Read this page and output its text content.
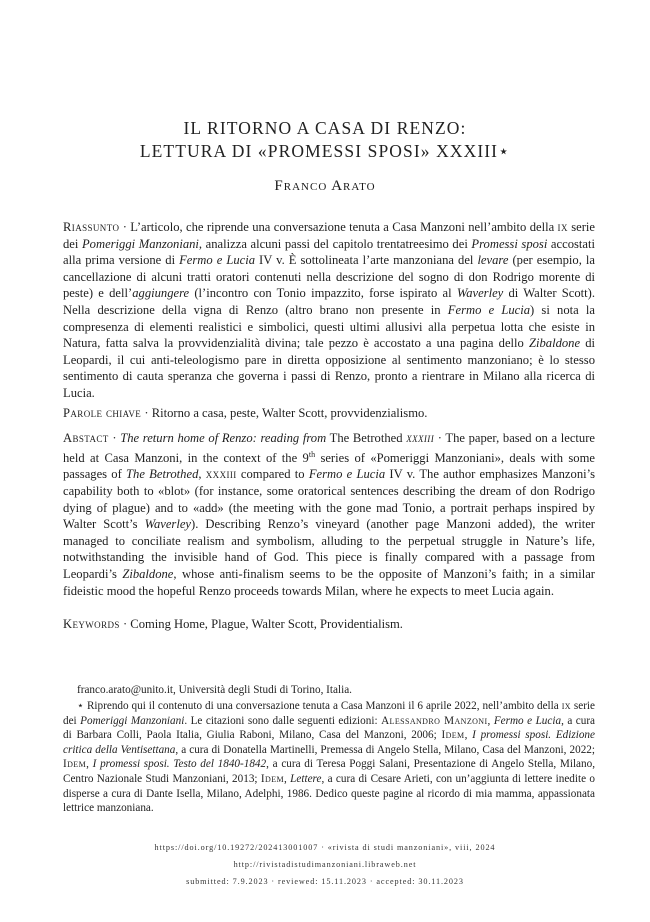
IL RITORNO A CASA DI RENZO:
LETTURA DI «PROMESSI SPOSI» XXXIII⋆
Franco Arato
Riassunto · L’articolo, che riprende una conversazione tenuta a Casa Manzoni nell’ambito della ix serie dei Pomeriggi Manzoniani, analizza alcuni passi del capitolo trentatreesimo dei Promessi sposi accostati alla prima versione di Fermo e Lucia IV v. È sottolineata l’arte manzoniana del levare (per esempio, la cancellazione di alcuni tratti oratori contenuti nella descrizione del sogno di don Rodrigo morente di peste) e dell’aggiungere (l’incontro con Tonio impazzito, forse ispirato al Waverley di Walter Scott). Nella descrizione della vigna di Renzo (altro brano non presente in Fermo e Lucia) si nota la compresenza di elementi realistici e simbolici, questi ultimi allusivi alla perpetua lotta che esiste in Natura, fatta salva la provvidenzialità divina; tale pezzo è accostato a una pagina dello Zibaldone di Leopardi, il cui anti-teleologismo pare in diretta opposizione al sentimento manzoniano; è lo stesso sentimento di cauta speranza che governa i passi di Renzo, pronto a rientrare in Milano alla ricerca di Lucia.
Parole chiave · Ritorno a casa, peste, Walter Scott, provvidenzialismo.
Abstact · The return home of Renzo: reading from The Betrothed xxxiii · The paper, based on a lecture held at Casa Manzoni, in the context of the 9th series of «Pomeriggi Manzoniani», deals with some passages of The Betrothed, xxxiii compared to Fermo e Lucia IV v. The author emphasizes Manzoni’s capability both to «blot» (for instance, some oratorical sentences describing the dream of don Rodrigo dying of plague) and to «add» (the meeting with the gone mad Tonio, a portrait perhaps inspired by Walter Scott’s Waverley). Describing Renzo’s vineyard (another page Manzoni added), the writer managed to conciliate realism and symbolism, alluding to the perpetual struggle in Nature’s life, notwithstanding the invisible hand of God. This piece is finally compared with a passage from Leopardi’s Zibaldone, whose anti-finalism seems to be the opposite of Manzoni’s faith; in a similar fideistic mood the hopeful Renzo proceeds towards Milan, where he expects to meet Lucia again.
Keywords · Coming Home, Plague, Walter Scott, Providentialism.
franco.arato@unito.it, Università degli Studi di Torino, Italia.
⋆ Riprendo qui il contenuto di una conversazione tenuta a Casa Manzoni il 6 aprile 2022, nell’ambito della ix serie dei Pomeriggi Manzoniani. Le citazioni sono dalle seguenti edizioni: Alessandro Manzoni, Fermo e Lucia, a cura di Barbara Colli, Paola Italia, Giulia Raboni, Milano, Casa del Manzoni, 2006; Idem, I promessi sposi. Edizione critica della Ventisettana, a cura di Donatella Martinelli, Premessa di Angelo Stella, Milano, Casa del Manzoni, 2022; Idem, I promessi sposi. Testo del 1840-1842, a cura di Teresa Poggi Salani, Presentazione di Angelo Stella, Milano, Centro Nazionale Studi Manzoniani, 2013; Idem, Lettere, a cura di Cesare Arieti, con un’aggiunta di lettere inedite o disperse a cura di Dante Isella, Milano, Adelphi, 1986. Dedico queste pagine al ricordo di mia mamma, appassionata lettrice manzoniana.
https://doi.org/10.19272/202413001007 · «rivista di studi manzoniani», viii, 2024
http://rivistadistudimanzoniani.libraweb.net
submitted: 7.9.2023 · reviewed: 15.11.2023 · accepted: 30.11.2023
